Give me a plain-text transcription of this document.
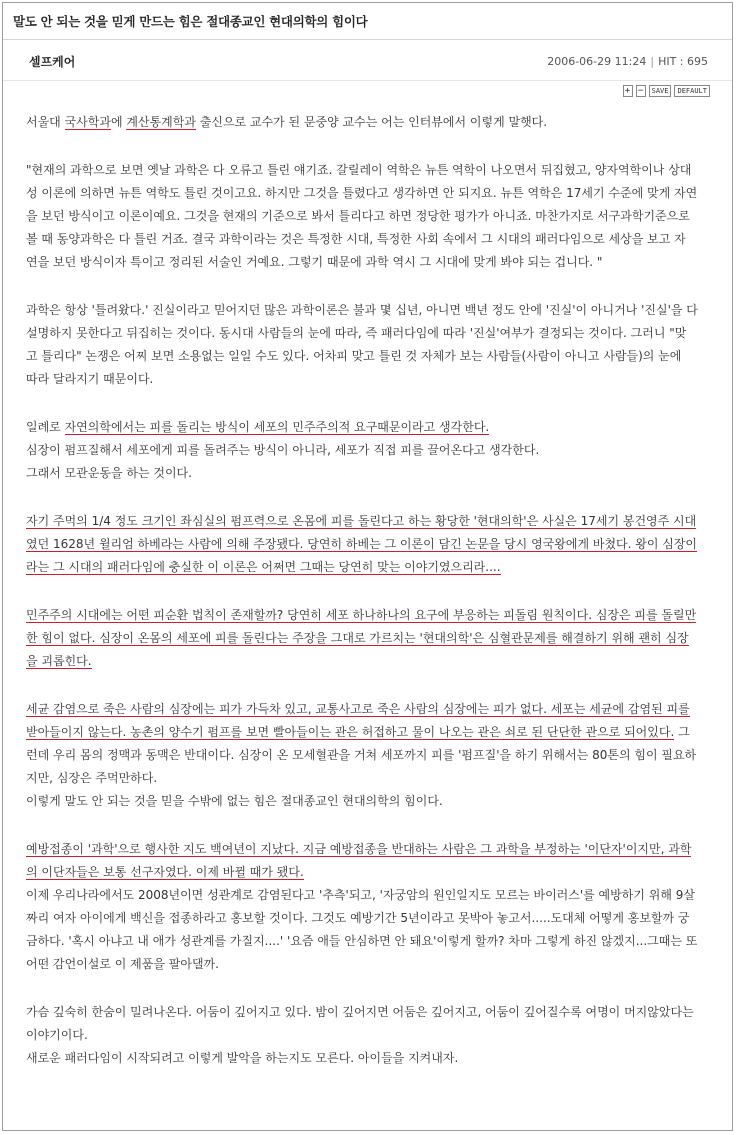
말도 안 되는 것을 믿게 만드는 힘은 절대종교인 현대의학의 힘이다
셀프케어	2006-06-29 11:24 | HIT : 695
+ −	SAVE	DEFAULT

서울대 국사학과에 계산통계학과 출신으로 교수가 된 문중양 교수는 어는 인터뷰에서 이렇게 말햇다.

"현재의 과학으로 보면 옛날 과학은 다 오류고 틀린 얘기죠. 갈릴레이 역학은 뉴튼 역학이 나오면서 뒤집혔고, 양자역학이나 상대
성 이론에 의하면 뉴튼 역학도 틀린 것이고요. 하지만 그것을 틀렸다고 생각하면 안 되지요. 뉴튼 역학은 17세기 수준에 맞게 자연
을 보던 방식이고 이론이예요. 그것을 현재의 기준으로 봐서 틀리다고 하면 정당한 평가가 아니죠. 마찬가지로 서구과학기준으로
볼 때 동양과학은 다 틀린 거죠. 결국 과학이라는 것은 특정한 시대, 특정한 사회 속에서 그 시대의 패러다임으로 세상을 보고 자
연을 보던 방식이자 특이고 정리된 서술인 거예요. 그렇기 때문에 과학 역시 그 시대에 맞게 봐야 되는 겁니다. "

과학은 항상 '틀려왔다.' 진실이라고 믿어지던 많은 과학이론은 불과 몇 십년, 아니면 백년 정도 안에 '진실'이 아니거나 '진실'을 다
설명하지 못한다고 뒤집히는 것이다. 동시대 사람들의 눈에 따라, 즉 패러다임에 따라 '진실'여부가 결정되는 것이다. 그러니 "맞
고 틀리다" 논쟁은 어찌 보면 소용없는 일일 수도 있다. 어차피 맞고 틀린 것 자체가 보는 사람들(사람이 아니고 사람들)의 눈에
따라 달라지기 때문이다.

일례로 자연의학에서는 피를 돌리는 방식이 세포의 민주주의적 요구때문이라고 생각한다.
심장이 펌프질해서 세포에게 피를 돌려주는 방식이 아니라, 세포가 직접 피를 끌어온다고 생각한다.
그래서 모관운동을 하는 것이다.

자기 주먹의 1/4 정도 크기인 좌심실의 펌프력으로 온몸에 피를 돌린다고 하는 황당한 '현대의학'은 사실은 17세기 봉건영주 시대
였던 1628년 윌리엄 하베라는 사람에 의해 주장됐다. 당연히 하베는 그 이론이 담긴 논문을 당시 영국왕에게 바쳤다. 왕이 심장이
라는 그 시대의 패러다임에 충실한 이 이론은 어쩌면 그때는 당연히 맞는 이야기였으리라....

민주주의 시대에는 어떤 피순환 법칙이 존재할까? 당연히 세포 하나하나의 요구에 부응하는 피돌림 원칙이다. 심장은 피를 돌릴만
한 힘이 없다. 심장이 온몸의 세포에 피를 돌린다는 주장을 그대로 가르치는 '현대의학'은 심혈관문제를 해결하기 위해 괜히 심장
을 괴롭힌다.

세균 감염으로 죽은 사람의 심장에는 피가 가득차 있고, 교통사고로 죽은 사람의 심장에는 피가 없다. 세포는 세균에 감염된 피를
받아들이지 않는다. 농촌의 양수기 펌프를 보면 빨아들이는 관은 허접하고 물이 나오는 관은 쇠로 된 단단한 관으로 되어있다. 그
런데 우리 몸의 정맥과 동맥은 반대이다. 심장이 온 모세혈관을 거쳐 세포까지 피를 '펌프질'을 하기 위해서는 80톤의 힘이 필요하
지만, 심장은 주먹만하다.
이렇게 말도 안 되는 것을 믿을 수밖에 없는 힘은 절대종교인 현대의학의 힘이다.

예방접종이 '과학'으로 행사한 지도 백여년이 지났다. 지금 예방접종을 반대하는 사람은 그 과학을 부정하는 '이단자'이지만, 과학
의 이단자들은 보통 선구자였다. 이제 바뀔 때가 됐다.
이제 우리나라에서도 2008년이면 성관계로 감염된다고 '추측'되고, '자궁암의 원인일지도 모르는 바이러스'를 예방하기 위해 9살
짜리 여자 아이에게 백신을 접종하라고 홍보할 것이다. 그것도 예방기간 5년이라고 못박아 놓고서.....도대체 어떻게 홍보할까 궁
금하다. '혹시 아냐고 내 애가 성관계를 가질지....' '요즘 애들 안심하면 안 돼요'이렇게 할까? 차마 그렇게 하진 않겠지...그때는 또
어떤 감언이설로 이 제품을 팔아댈까.

가슴 깊숙히 한숨이 밀려나온다. 어둠이 깊어지고 있다. 밤이 깊어지면 어둠은 깊어지고, 어둠이 깊어질수록 여명이 머지않았다는
이야기이다.
새로운 패러다임이 시작되려고 이렇게 발악을 하는지도 모른다. 아이들을 지켜내자.
